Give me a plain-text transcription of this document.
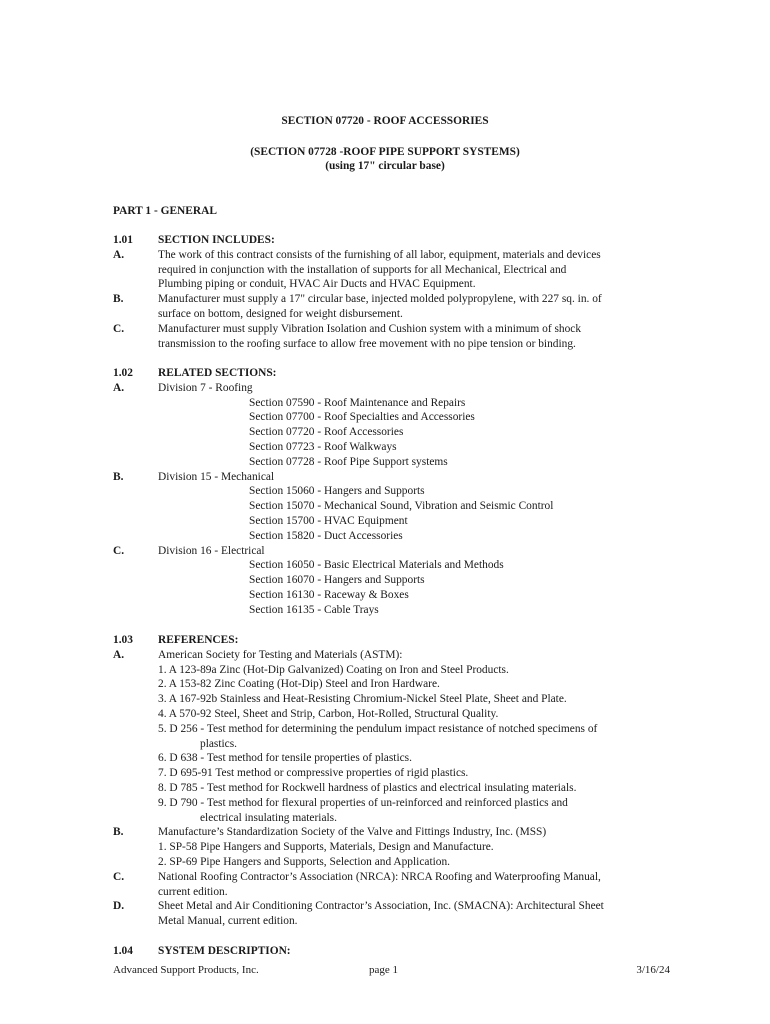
SECTION 07720 - ROOF ACCESSORIES
(SECTION 07728 -ROOF PIPE SUPPORT SYSTEMS)
(using 17" circular base)
PART 1 - GENERAL
1.01	SECTION INCLUDES:
A.	The work of this contract consists of the furnishing of all labor, equipment, materials and devices
required in conjunction with the installation of supports for all Mechanical, Electrical and
Plumbing piping or conduit, HVAC Air Ducts and HVAC Equipment.
B.	Manufacturer must supply a 17" circular base, injected molded polypropylene, with 227 sq. in. of
surface on bottom, designed for weight disbursement.
C.	Manufacturer must supply Vibration Isolation and Cushion system with a minimum of shock
transmission to the roofing surface to allow free movement with no pipe tension or binding.
1.02	RELATED SECTIONS:
A.	Division 7 - Roofing
Section 07590 - Roof Maintenance and Repairs
Section 07700 - Roof Specialties and Accessories
Section 07720 - Roof Accessories
Section 07723 - Roof Walkways
Section 07728 - Roof Pipe Support systems
B.	Division 15 - Mechanical
Section 15060 - Hangers and Supports
Section 15070 - Mechanical Sound, Vibration and Seismic Control
Section 15700 - HVAC Equipment
Section 15820 - Duct Accessories
C.	Division 16 - Electrical
Section 16050 - Basic Electrical Materials and Methods
Section 16070 - Hangers and Supports
Section 16130 - Raceway & Boxes
Section 16135 - Cable Trays
1.03	REFERENCES:
A.	American Society for Testing and Materials (ASTM):
1. A 123-89a Zinc (Hot-Dip Galvanized) Coating on Iron and Steel Products.
2. A 153-82 Zinc Coating (Hot-Dip) Steel and Iron Hardware.
3. A 167-92b Stainless and Heat-Resisting Chromium-Nickel Steel Plate, Sheet and Plate.
4. A 570-92 Steel, Sheet and Strip, Carbon, Hot-Rolled, Structural Quality.
5. D 256 - Test method for determining the pendulum impact resistance of notched specimens of
plastics.
6. D 638 - Test method for tensile properties of plastics.
7. D 695-91 Test method or compressive properties of rigid plastics.
8. D 785 - Test method for Rockwell hardness of plastics and electrical insulating materials.
9. D 790 - Test method for flexural properties of un-reinforced and reinforced plastics and
electrical insulating materials.
B.	Manufacture’s Standardization Society of the Valve and Fittings Industry, Inc. (MSS)
1. SP-58 Pipe Hangers and Supports, Materials, Design and Manufacture.
2. SP-69 Pipe Hangers and Supports, Selection and Application.
C.	National Roofing Contractor’s Association (NRCA): NRCA Roofing and Waterproofing Manual,
current edition.
D.	Sheet Metal and Air Conditioning Contractor’s Association, Inc. (SMACNA): Architectural Sheet
Metal Manual, current edition.
1.04	SYSTEM DESCRIPTION:
Advanced Support Products, Inc.	page 1	3/16/24
